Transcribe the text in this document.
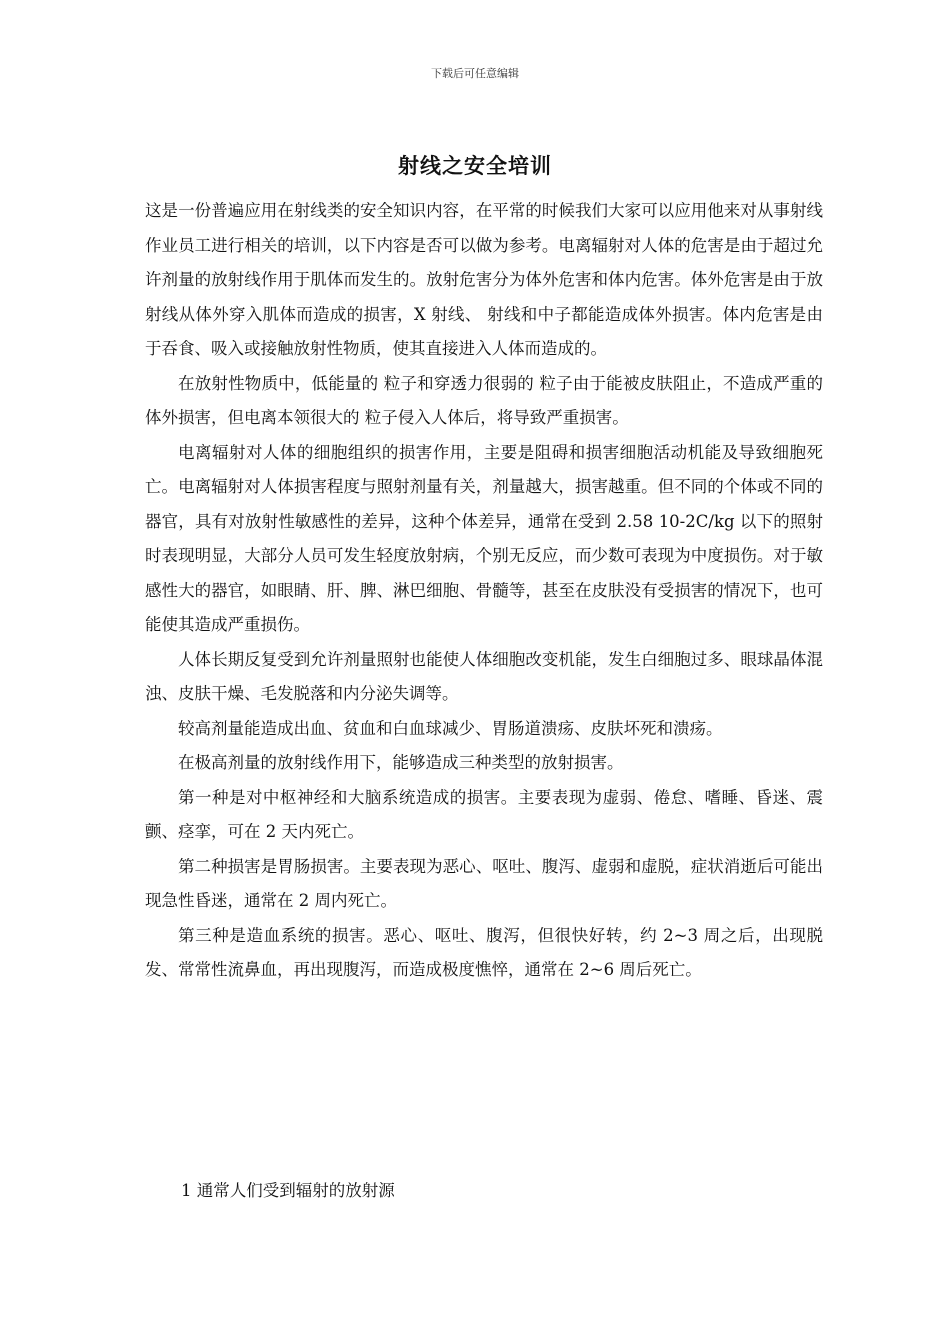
下载后可任意编辑
射线之安全培训

这是一份普遍应用在射线类的安全知识内容，在平常的时候我们大家可以应用他来对从事射线作业员工进行相关的培训，以下内容是否可以做为参考。电离辐射对人体的危害是由于超过允许剂量的放射线作用于肌体而发生的。放射危害分为体外危害和体内危害。体外危害是由于放射线从体外穿入肌体而造成的损害，X 射线、 射线和中子都能造成体外损害。体内危害是由于吞食、吸入或接触放射性物质，使其直接进入人体而造成的。

在放射性物质中，低能量的 粒子和穿透力很弱的 粒子由于能被皮肤阻止，不造成严重的体外损害，但电离本领很大的 粒子侵入人体后，将导致严重损害。

电离辐射对人体的细胞组织的损害作用，主要是阻碍和损害细胞活动机能及导致细胞死亡。电离辐射对人体损害程度与照射剂量有关，剂量越大，损害越重。但不同的个体或不同的器官，具有对放射性敏感性的差异，这种个体差异，通常在受到 2.58 10-2C/kg 以下的照射时表现明显，大部分人员可发生轻度放射病，个别无反应，而少数可表现为中度损伤。对于敏感性大的器官，如眼睛、肝、脾、淋巴细胞、骨髓等，甚至在皮肤没有受损害的情况下，也可能使其造成严重损伤。

人体长期反复受到允许剂量照射也能使人体细胞改变机能，发生白细胞过多、眼球晶体混浊、皮肤干燥、毛发脱落和内分泌失调等。

较高剂量能造成出血、贫血和白血球减少、胃肠道溃疡、皮肤坏死和溃疡。

在极高剂量的放射线作用下，能够造成三种类型的放射损害。

第一种是对中枢神经和大脑系统造成的损害。主要表现为虚弱、倦怠、嗜睡、昏迷、震颤、痉挛，可在 2 天内死亡。

第二种损害是胃肠损害。主要表现为恶心、呕吐、腹泻、虚弱和虚脱，症状消逝后可能出现急性昏迷，通常在 2 周内死亡。

第三种是造血系统的损害。恶心、呕吐、腹泻，但很快好转，约 2~3 周之后，出现脱发、常常性流鼻血，再出现腹泻，而造成极度憔悴，通常在 2~6 周后死亡。

1 通常人们受到辐射的放射源
